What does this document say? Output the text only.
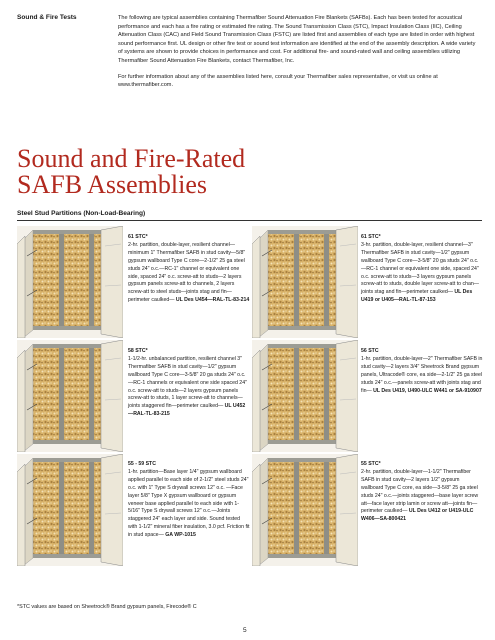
Sound & Fire Tests	The following are typical assemblies containing Thermafiber Sound Attenuation Fire Blankets (SAFBs). Each has been tested for acoustical performance and each has a fire rating or estimated fire rating. The Sound Transmission Class (STC), Impact Insulation Class (IIC), Ceiling Attenuation Class (CAC) and Field Sound Transmission Class (FSTC) are listed first and assemblies of each type are listed in order with highest sound performance first. UL design or other fire test or sound test information are identified at the end of the assembly description. A wide variety of systems are shown to provide choices in performance and cost. For additional fire- and sound-rated wall and ceiling assemblies utilizing Thermafiber Sound Attenuation Fire Blankets, contact Thermafiber, Inc.

For further information about any of the assemblies listed here, consult your Thermafiber sales representative, or visit us online at www.thermafiber.com.

Sound and Fire-Rated
SAFB Assemblies
Steel Stud Partitions (Non-Load-Bearing)
61 STC*
2-hr. partition, double-layer, resilient channel—minimum 1" Thermafiber SAFB in stud cavity—5/8" gypsum wallboard Type C core—2-1/2" 25 ga steel studs 24" o.c.—RC-1" channel or equivalent one side, spaced 24" o.c. screw-att to studs—2 layers gypsum panels screw-att to channels, 2 layers screw-att to steel studs—joints stag and fin—perimeter caulked— UL Des U454—RAL-TL-83-214
61 STC*
3-hr. partition, double-layer, resilient channel—3" Thermafiber SAFB in stud cavity—1/2" gypsum wallboard Type C core—3-5/8" 20 ga studs 24" o.c.—RC-1 channel or equivalent one side, spaced 24" o.c. screw-att to studs—3 layers gypsum panels screw-att to studs, double layer screw-att to chan—joints stag and fin—perimeter caulked— UL Des U419 or U405—RAL-TL-87-153
58 STC*
1-1/2-hr. unbalanced partition, resilient channel 3" Thermafiber SAFB in stud cavity—1/2" gypsum wallboard Type C core—3-5/8" 20 ga studs 24" o.c.—RC-1 channels or equivalent one side spaced 24" o.c. screw-att to studs—2 layers gypsum panels screw-att to studs, 1 layer screw-att to channels—joints staggered fin—perimeter caulked— UL U452—RAL-TL-83-215
56 STC
1-hr. partition, double-layer—2" Thermafiber SAFB in stud cavity—2 layers 3/4" Sheetrock Brand gypsum panels, Ultracode® core, ea side—2-1/2" 25 ga steel studs 24" o.c.—panels screw-att with joints stag and fin— UL Des U419, U490-ULC W441 or SA-910907
55 - 59 STC
1-hr. partition—Base layer 1/4" gypsum wallboard applied parallel to each side of 2-1/2" steel studs 24" o.c. with 1" Type S drywall screws 12" o.c. —Face layer 5/8" Type X gypsum wallboard or gypsum veneer base applied parallel to each side with 1-5/16" Type S drywall screws 12" o.c.—Joints staggered 24" each layer and side. Sound tested with 1-1/2" mineral fiber insulation, 3.0 pcf. Friction fit in stud space— GA WP-1015
55 STC*
2-hr. partition, double-layer—1-1/2" Thermafiber SAFB in stud cavity—2 layers 1/2" gypsum wallboard Type C core, ea side—3-5/8" 25 ga steel studs 24" o.c.—joints staggered—base layer screw att—face layer strip lamin or screw att—joints fin—perimeter caulked— UL Des U412 or U419-ULC W406—SA-800421
*STC values are based on Sheetrock® Brand gypsum panels, Firecode® C
5
